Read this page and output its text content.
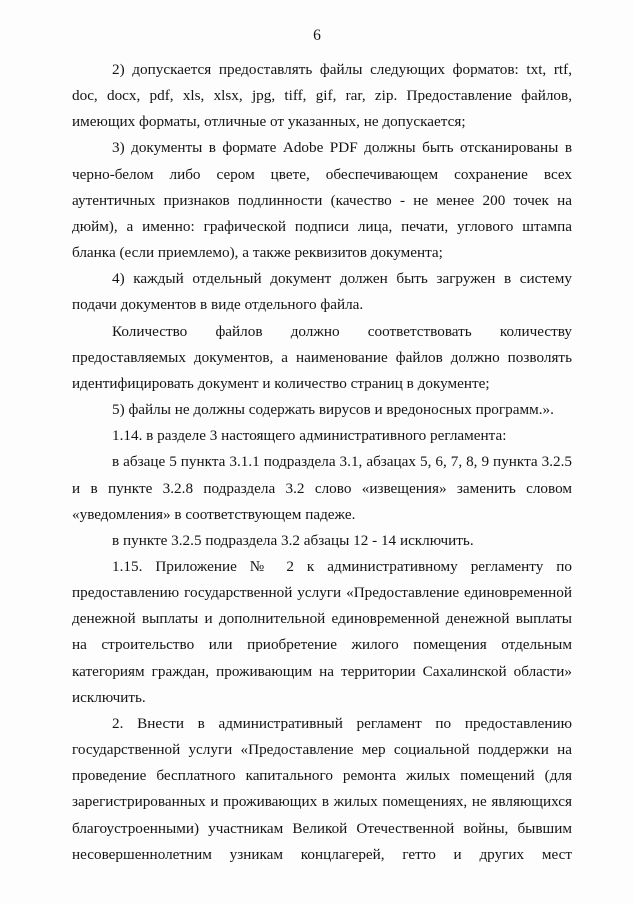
6

2) допускается предоставлять файлы следующих форматов: txt, rtf, doc, docx, pdf, xls, xlsx, jpg, tiff, gif, rar, zip. Предоставление файлов, имеющих форматы, отличные от указанных, не допускается;

3) документы в формате Adobe PDF должны быть отсканированы в черно-белом либо сером цвете, обеспечивающем сохранение всех аутентичных признаков подлинности (качество - не менее 200 точек на дюйм), а именно: графической подписи лица, печати, углового штампа бланка (если приемлемо), а также реквизитов документа;

4) каждый отдельный документ должен быть загружен в систему подачи документов в виде отдельного файла.

Количество файлов должно соответствовать количеству предоставляемых документов, а наименование файлов должно позволять идентифицировать документ и количество страниц в документе;

5) файлы не должны содержать вирусов и вредоносных программ.».

1.14. в разделе 3 настоящего административного регламента:

в абзаце 5 пункта 3.1.1 подраздела 3.1, абзацах 5, 6, 7, 8, 9 пункта 3.2.5 и в пункте 3.2.8 подраздела 3.2 слово «извещения» заменить словом «уведомления» в соответствующем падеже.

в пункте 3.2.5 подраздела 3.2 абзацы 12 - 14 исключить.

1.15. Приложение № 2 к административному регламенту по предоставлению государственной услуги «Предоставление единовременной денежной выплаты и дополнительной единовременной денежной выплаты на строительство или приобретение жилого помещения отдельным категориям граждан, проживающим на территории Сахалинской области» исключить.

2. Внести в административный регламент по предоставлению государственной услуги «Предоставление мер социальной поддержки на проведение бесплатного капитального ремонта жилых помещений (для зарегистрированных и проживающих в жилых помещениях, не являющихся благоустроенными) участникам Великой Отечественной войны, бывшим несовершеннолетним узникам концлагерей, гетто и других мест
